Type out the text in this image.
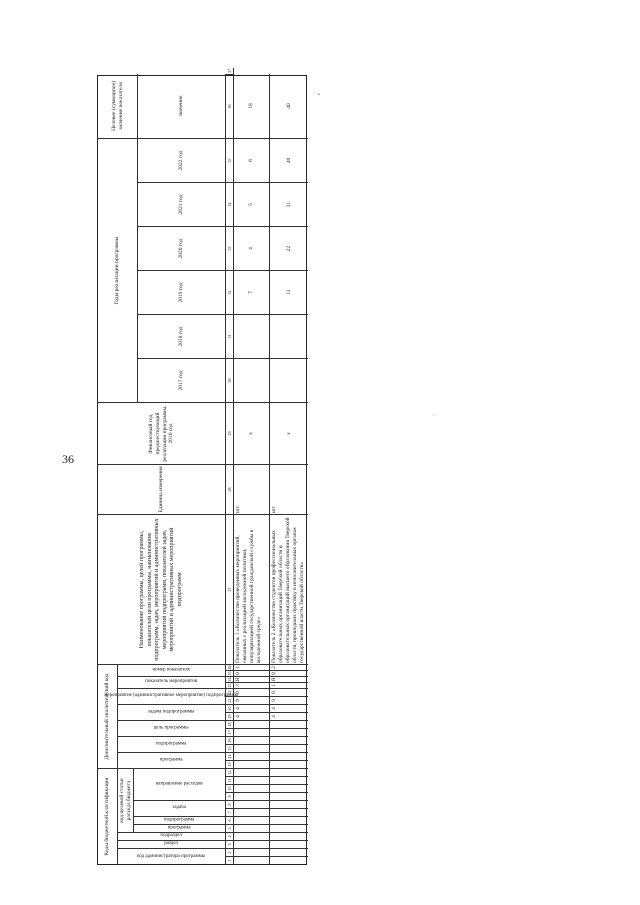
36
•
.
Коды бюджетной классификации
код администратора программы
раздел
подраздел
код целевой статьи расхода бюджета
программа
подпрограмма
задача
направление расходов
Дополнительный аналитический код
программа
подпрограмма
цель программы
задача подпрограммы
мероприятие (административное мероприятие) подпрограммы
показатель мероприятия
номер показателя
Наименование программы, целей программы, показателей цели программы, наименование подпрограмм, задач, мероприятий и административных мероприятий подпрограмм, показателей задач, мероприятий и административных мероприятий подпрограмм
Единица измерения
Финансовый год, предшествующий реализации программы, 2016 год
Годы реализации программы
2017 год
2018 год
2019 год
2020 год
2021 год
2022 год
Целевое (суммарное) значение показателя	значение
Показатель 1 «Количество проведенных мероприятий, связанных с реализацией молодежной политики, популяризацией государственной гражданской службы в молодежной среде»
шт.
х
7
4
5
6
18
Показатель 2 «Количество студентов профессиональных образовательных организаций Тверской области и образовательных организаций высшего образования Тверской области, прошедших практику в исполнительных органах государственной власти Тверской области»
шт
х
13
22
31
40
40
1
2
3
4
5
6
7
8
9
10
11
12
13
14
15
16
17
18
19
20
21
22
23
24
25
26
27
28
29
30
31
32
33
34
35
36
37
4
4
9
0
3
Я
0
1
4
4
9
0
1
Я
0
2
